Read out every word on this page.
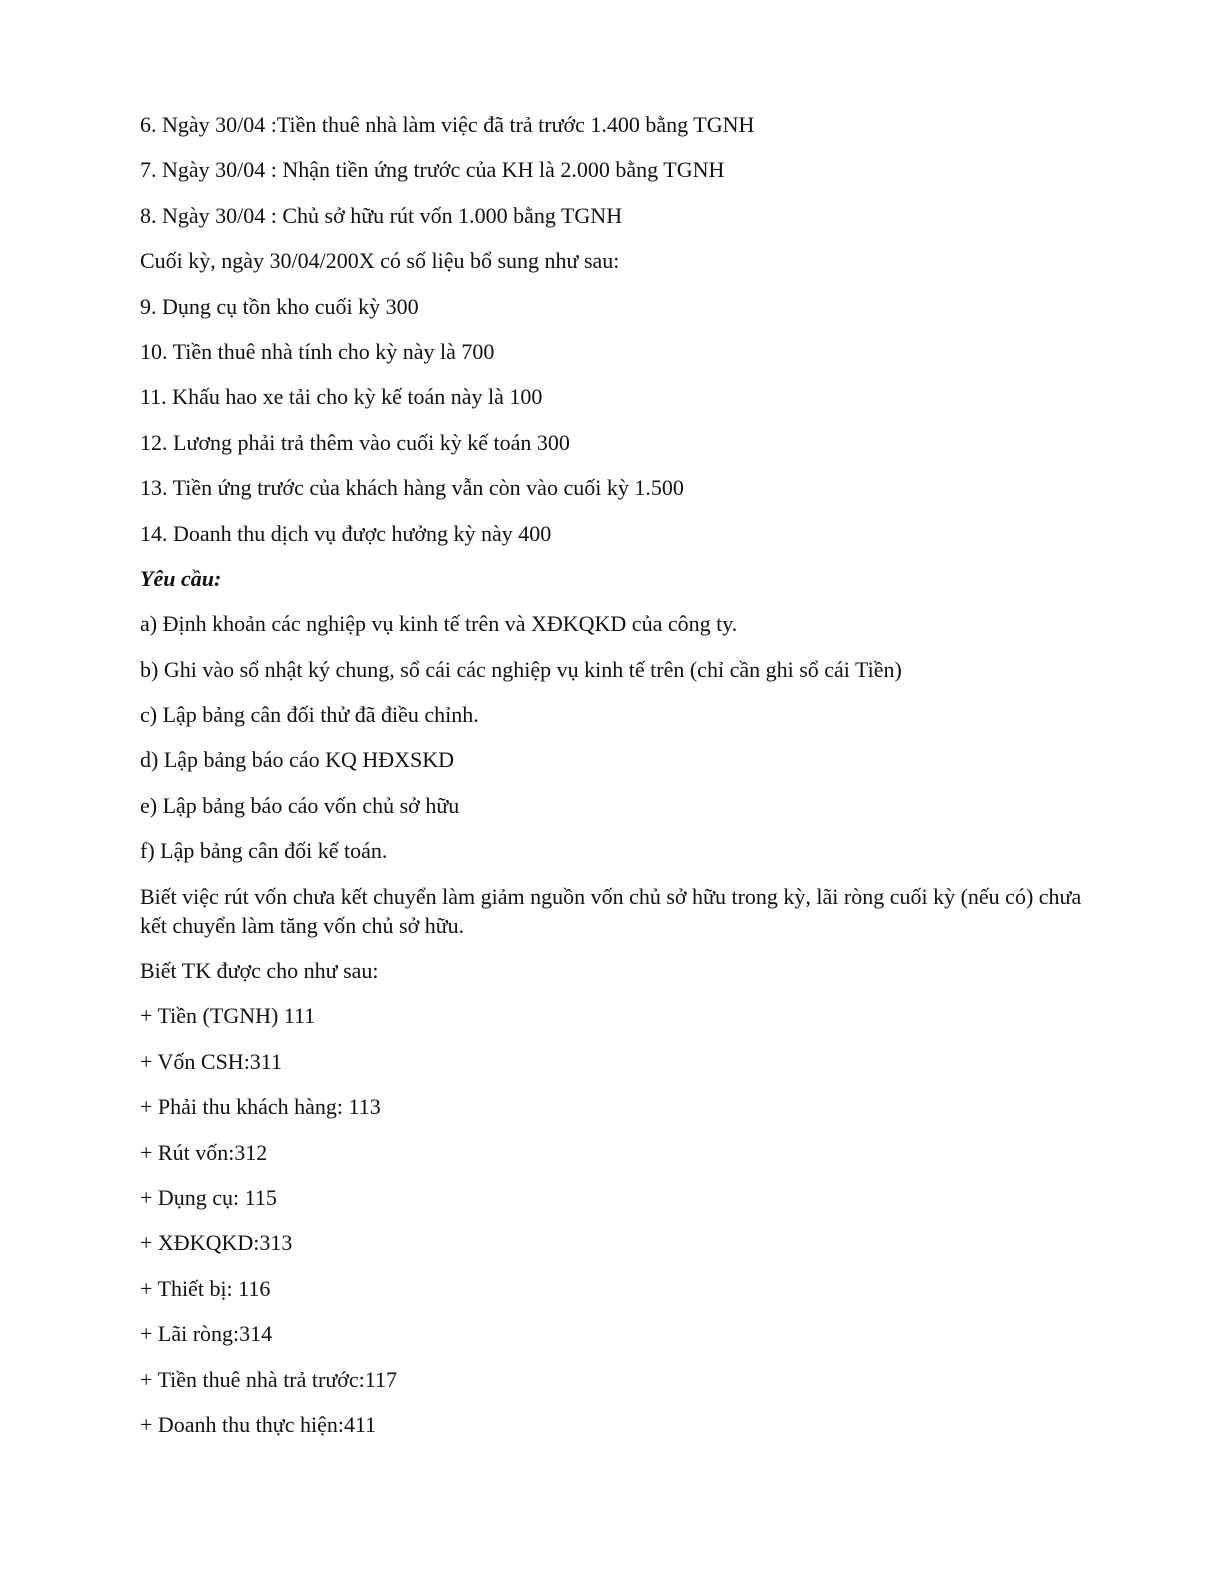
6. Ngày 30/04 :Tiền thuê nhà làm việc đã trả trước 1.400 bằng TGNH
7. Ngày 30/04 : Nhận tiền ứng trước của KH là 2.000 bằng TGNH
8. Ngày 30/04 : Chủ sở hữu rút vốn 1.000 bằng TGNH
Cuối kỳ, ngày 30/04/200X có số liệu bổ sung như sau:
9. Dụng cụ tồn kho cuối kỳ 300
10. Tiền thuê nhà tính cho kỳ này là 700
11. Khấu hao xe tải cho kỳ kế toán này là 100
12. Lương phải trả thêm vào cuối kỳ kế toán 300
13. Tiền ứng trước của khách hàng vẫn còn vào cuối kỳ 1.500
14. Doanh thu dịch vụ được hưởng kỳ này 400
Yêu cầu:
a) Định khoản các nghiệp vụ kinh tế trên và XĐKQKD của công ty.
b) Ghi vào sổ nhật ký chung, sổ cái các nghiệp vụ kinh tế trên (chỉ cần ghi sổ cái Tiền)
c) Lập bảng cân đối thử đã điều chỉnh.
d) Lập bảng báo cáo KQ HĐXSKD
e) Lập bảng báo cáo vốn chủ sở hữu
f) Lập bảng cân đối kế toán.
Biết việc rút vốn chưa kết chuyển làm giảm nguồn vốn chủ sở hữu trong kỳ, lãi ròng cuối kỳ (nếu có) chưa kết chuyển làm tăng vốn chủ sở hữu.
Biết TK được cho như sau:
+ Tiền (TGNH) 111
+ Vốn CSH:311
+ Phải thu khách hàng: 113
+ Rút vốn:312
+ Dụng cụ: 115
+ XĐKQKD:313
+ Thiết bị: 116
+ Lãi ròng:314
+ Tiền thuê nhà trả trước:117
+ Doanh thu thực hiện:411
